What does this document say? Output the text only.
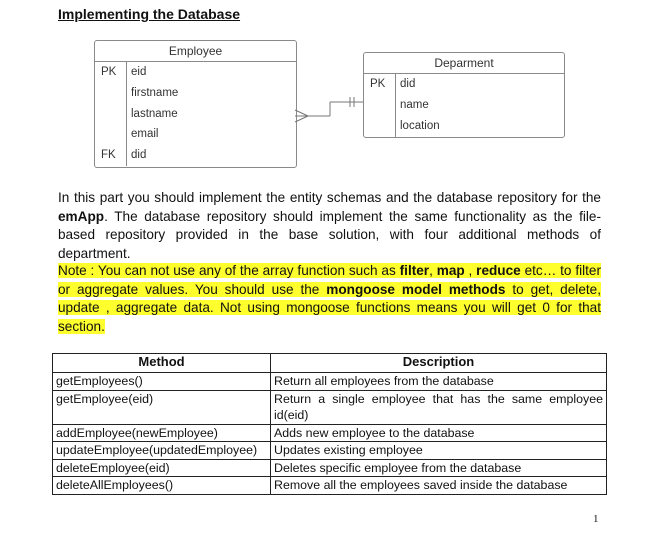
Implementing the Database
Employee
PK eid
firstname
lastname
email
FK did
Deparment
PK did
name
location
In this part you should implement the entity schemas and the database repository for the emApp. The database repository should implement the same functionality as the file-based repository provided in the base solution, with four additional methods of department.
Note : You can not use any of the array function such as filter, map , reduce etc… to filter or aggregate values. You should use the mongoose model methods to get, delete, update , aggregate data. Not using mongoose functions means you will get 0 for that section.
Method	Description
getEmployees()	Return all employees from the database
getEmployee(eid)	Return a single employee that has the same employee id(eid)
addEmployee(newEmployee)	Adds new employee to the database
updateEmployee(updatedEmployee)	Updates existing employee
deleteEmployee(eid)	Deletes specific employee from the database
deleteAllEmployees()	Remove all the employees saved inside the database
1
